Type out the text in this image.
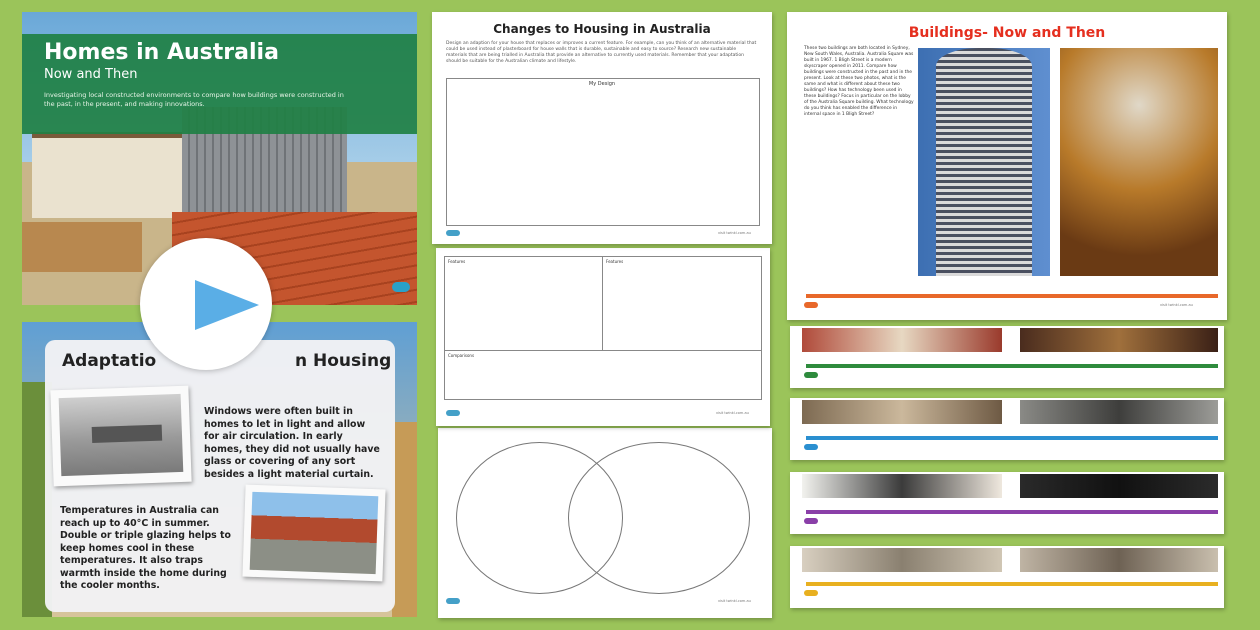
Homes in Australia
Now and Then
Investigating local constructed environments to compare how buildings were constructed in the past, in the present, and making innovations.
Adaptatio	n Housing
Windows were often built in homes to let in light and allow for air circulation. In early homes, they did not usually have glass or covering of any sort besides a light material curtain.
Temperatures in Australia can reach up to 40°C in summer. Double or triple glazing helps to keep homes cool in these temperatures. It also traps warmth inside the home during the cooler months.
visit twinkl.com.au
Features	Features
Comparisons
visit twinkl.com.au
Changes to Housing in Australia
Design an adaption for your house that replaces or improves a current feature. For example, can you think of an alternative material that could be used instead of plasterboard for house walls that is durable, sustainable and easy to source? Research new sustainable materials that are being trialled in Australia that provide an alternative to currently used materials. Remember that your adaptation should be suitable for the Australian climate and lifestyle.
My Design
visit twinkl.com.au
Buildings- Now and Then
These two buildings are both located in Sydney, New South Wales, Australia. Australia Square was built in 1967. 1 Bligh Street is a modern skyscraper opened in 2011. Compare how buildings were constructed in the past and in the present. Look at these two photos, what is the same and what is different about these two buildings? How has technology been used in these buildings? Focus in particular on the lobby of the Australia Square building. What technology do you think has enabled the difference in internal space in 1 Bligh Street?
visit twinkl.com.au
